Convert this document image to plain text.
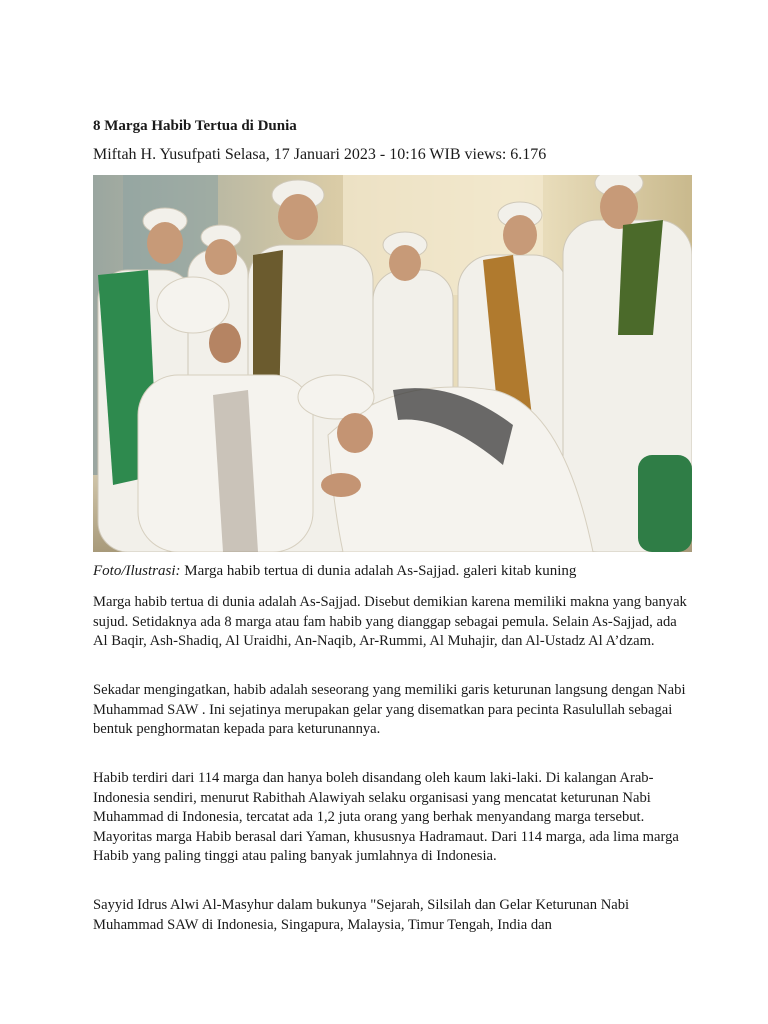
8 Marga Habib Tertua di Dunia
Miftah H. Yusufpati Selasa, 17 Januari 2023 - 10:16 WIB views: 6.176
Foto/Ilustrasi: Marga habib tertua di dunia adalah As-Sajjad. galeri kitab kuning

Marga habib tertua di dunia adalah As-Sajjad. Disebut demikian karena memiliki makna yang banyak sujud. Setidaknya ada 8 marga atau fam habib yang dianggap sebagai pemula. Selain As-Sajjad, ada Al Baqir, Ash-Shadiq, Al Uraidhi, An-Naqib, Ar-Rummi, Al Muhajir, dan Al-Ustadz Al A’dzam.

Sekadar mengingatkan, habib adalah seseorang yang memiliki garis keturunan langsung dengan Nabi Muhammad SAW . Ini sejatinya merupakan gelar yang disematkan para pecinta Rasulullah sebagai bentuk penghormatan kepada para keturunannya.

Habib terdiri dari 114 marga dan hanya boleh disandang oleh kaum laki-laki. Di kalangan Arab-Indonesia sendiri, menurut Rabithah Alawiyah selaku organisasi yang mencatat keturunan Nabi Muhammad di Indonesia, tercatat ada 1,2 juta orang yang berhak menyandang marga tersebut. Mayoritas marga Habib berasal dari Yaman, khususnya Hadramaut. Dari 114 marga, ada lima marga Habib yang paling tinggi atau paling banyak jumlahnya di Indonesia.

Sayyid Idrus Alwi Al-Masyhur dalam bukunya "Sejarah, Silsilah dan Gelar Keturunan Nabi Muhammad SAW di Indonesia, Singapura, Malaysia, Timur Tengah, India dan
